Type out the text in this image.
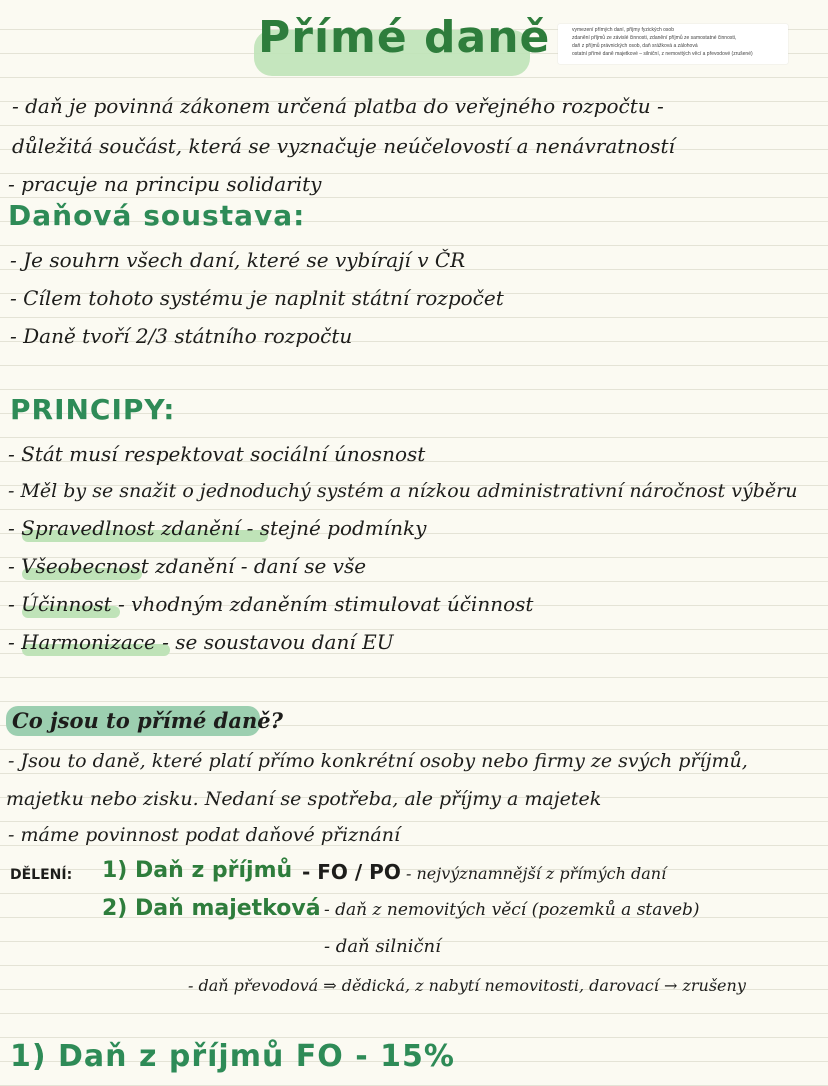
Přímé daně
·	vymezení přímých daní, příjmy fyzických osob
· zdanění příjmů ze závislé činnosti, zdanění příjmů ze samostatné činnosti,
· daň z příjmů právnických osob, daň srážková a zálohová
· ostatní přímé daně majetkové – silniční, z nemovitých věcí a převodové (zrušené)

- daň je povinná zákonem určená platba do veřejného rozpočtu -

důležitá součást, která se vyznačuje neúčelovostí a nenávratností

- pracuje na principu solidarity

Daňová soustava:

- Je souhrn všech daní, které se vybírají v ČR

- Cílem tohoto systému je naplnit státní rozpočet

- Daně tvoří 2/3 státního rozpočtu

PRINCIPY:

- Stát musí respektovat sociální únosnost

- Měl by se snažit o jednoduchý systém a nízkou administrativní náročnost výběru

- Spravedlnost zdanění - stejné podmínky

- Všeobecnost zdanění - daní se vše

- Účinnost - vhodným zdaněním stimulovat účinnost

- Harmonizace - se soustavou daní EU

Co jsou to přímé daně?

- Jsou to daně, které platí přímo konkrétní osoby nebo firmy ze svých příjmů,

majetku nebo zisku. Nedaní se spotřeba, ale příjmy a majetek

- máme povinnost podat daňové přiznání

DĚLENÍ: 1) Daň z příjmů - FO / PO - nejvýznamnější z přímých daní

2) Daň majetková - daň z nemovitých věcí (pozemků a staveb)

- daň silniční

- daň převodová ⇒ dědická, z nabytí nemovitosti, darovací → zrušeny

1) Daň z příjmů FO - 15%
